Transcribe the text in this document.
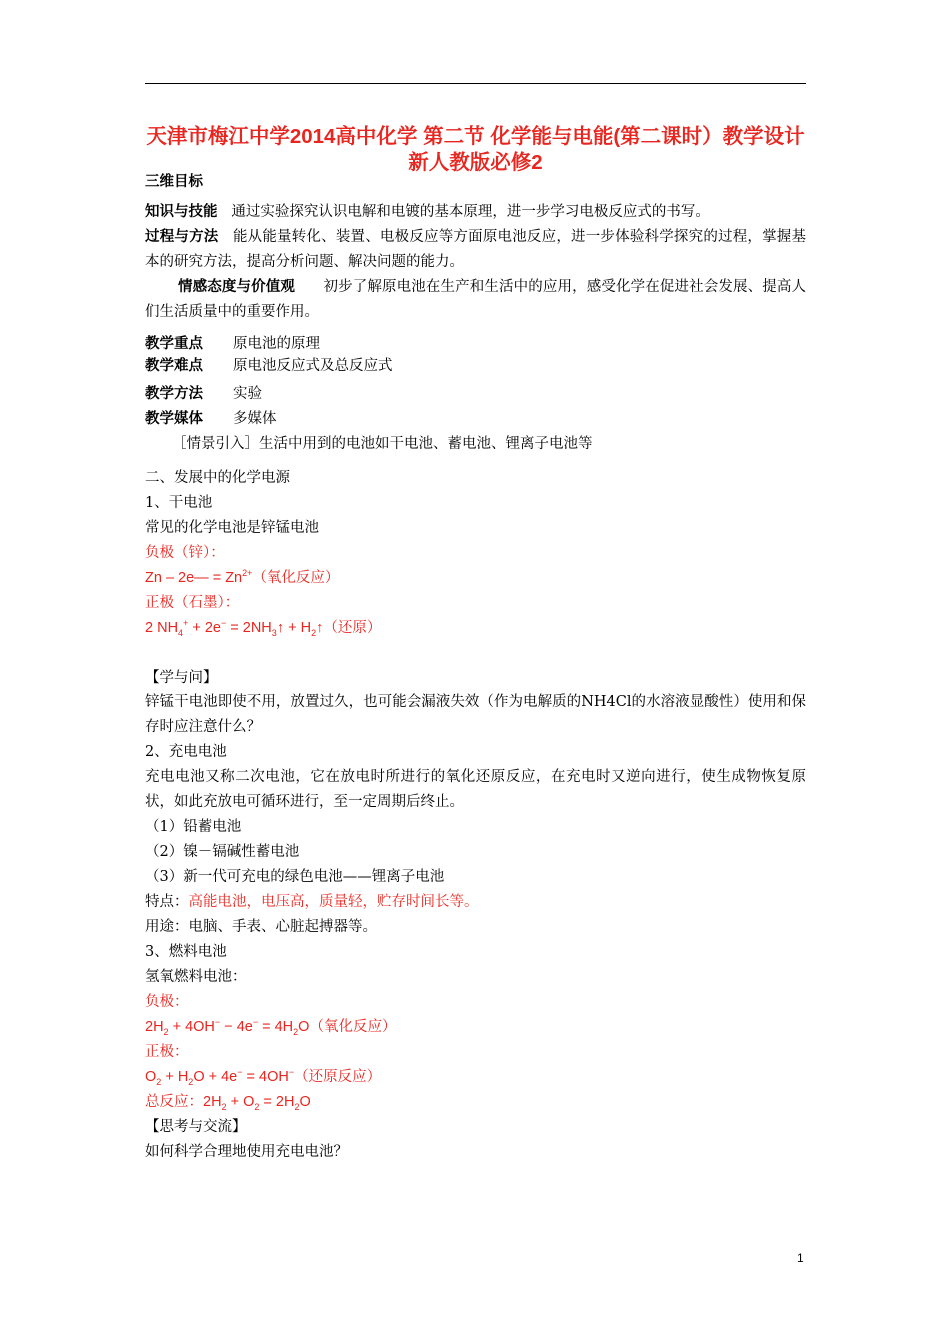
天津市梅江中学2014高中化学 第二节 化学能与电能(第二课时）教学设计 新人教版必修2
三维目标
知识与技能 通过实验探究认识电解和电镀的基本原理，进一步学习电极反应式的书写。
过程与方法 能从能量转化、装置、电极反应等方面原电池反应，进一步体验科学探究的过程，掌握基本的研究方法，提高分析问题、解决问题的能力。
情感态度与价值观 初步了解原电池在生产和生活中的应用，感受化学在促进社会发展、提高人们生活质量中的重要作用。
教学重点 原电池的原理
教学难点 原电池反应式及总反应式
教学方法 实验
教学媒体 多媒体
［情景引入］生活中用到的电池如干电池、蓄电池、锂离子电池等
二、发展中的化学电源
1、干电池
常见的化学电池是锌锰电池
负极（锌）：
Zn – 2e— = $Zn^{2+}$（氧化反应）
正极（石墨）：
2 $NH_4^+ + 2e^-$ = $2NH_3↑$ + $H_2↑$（还原）
【学与问】
锌锰干电池即使不用，放置过久，也可能会漏液失效（作为电解质的NH4Cl的水溶液显酸性）使用和保存时应注意什么？
2、充电电池
充电电池又称二次电池，它在放电时所进行的氧化还原反应，在充电时又逆向进行，使生成物恢复原状，如此充放电可循环进行，至一定周期后终止。
（1）铅蓄电池
（2）镍－镉碱性蓄电池
（3）新一代可充电的绿色电池——锂离子电池
特点：高能电池，电压高，质量轻，贮存时间长等。
用途：电脑、手表、心脏起搏器等。
3、燃料电池
氢氧燃料电池：
负极：
$2H_2 + 4OH^- - 4e^- = 4H_2O$（氧化反应）
正极：
$O_2 + H_2O + 4e^- = 4OH^-$（还原反应）
总反应：$2H_2 + O_2 = 2H_2O$
【思考与交流】
如何科学合理地使用充电电池？
1
